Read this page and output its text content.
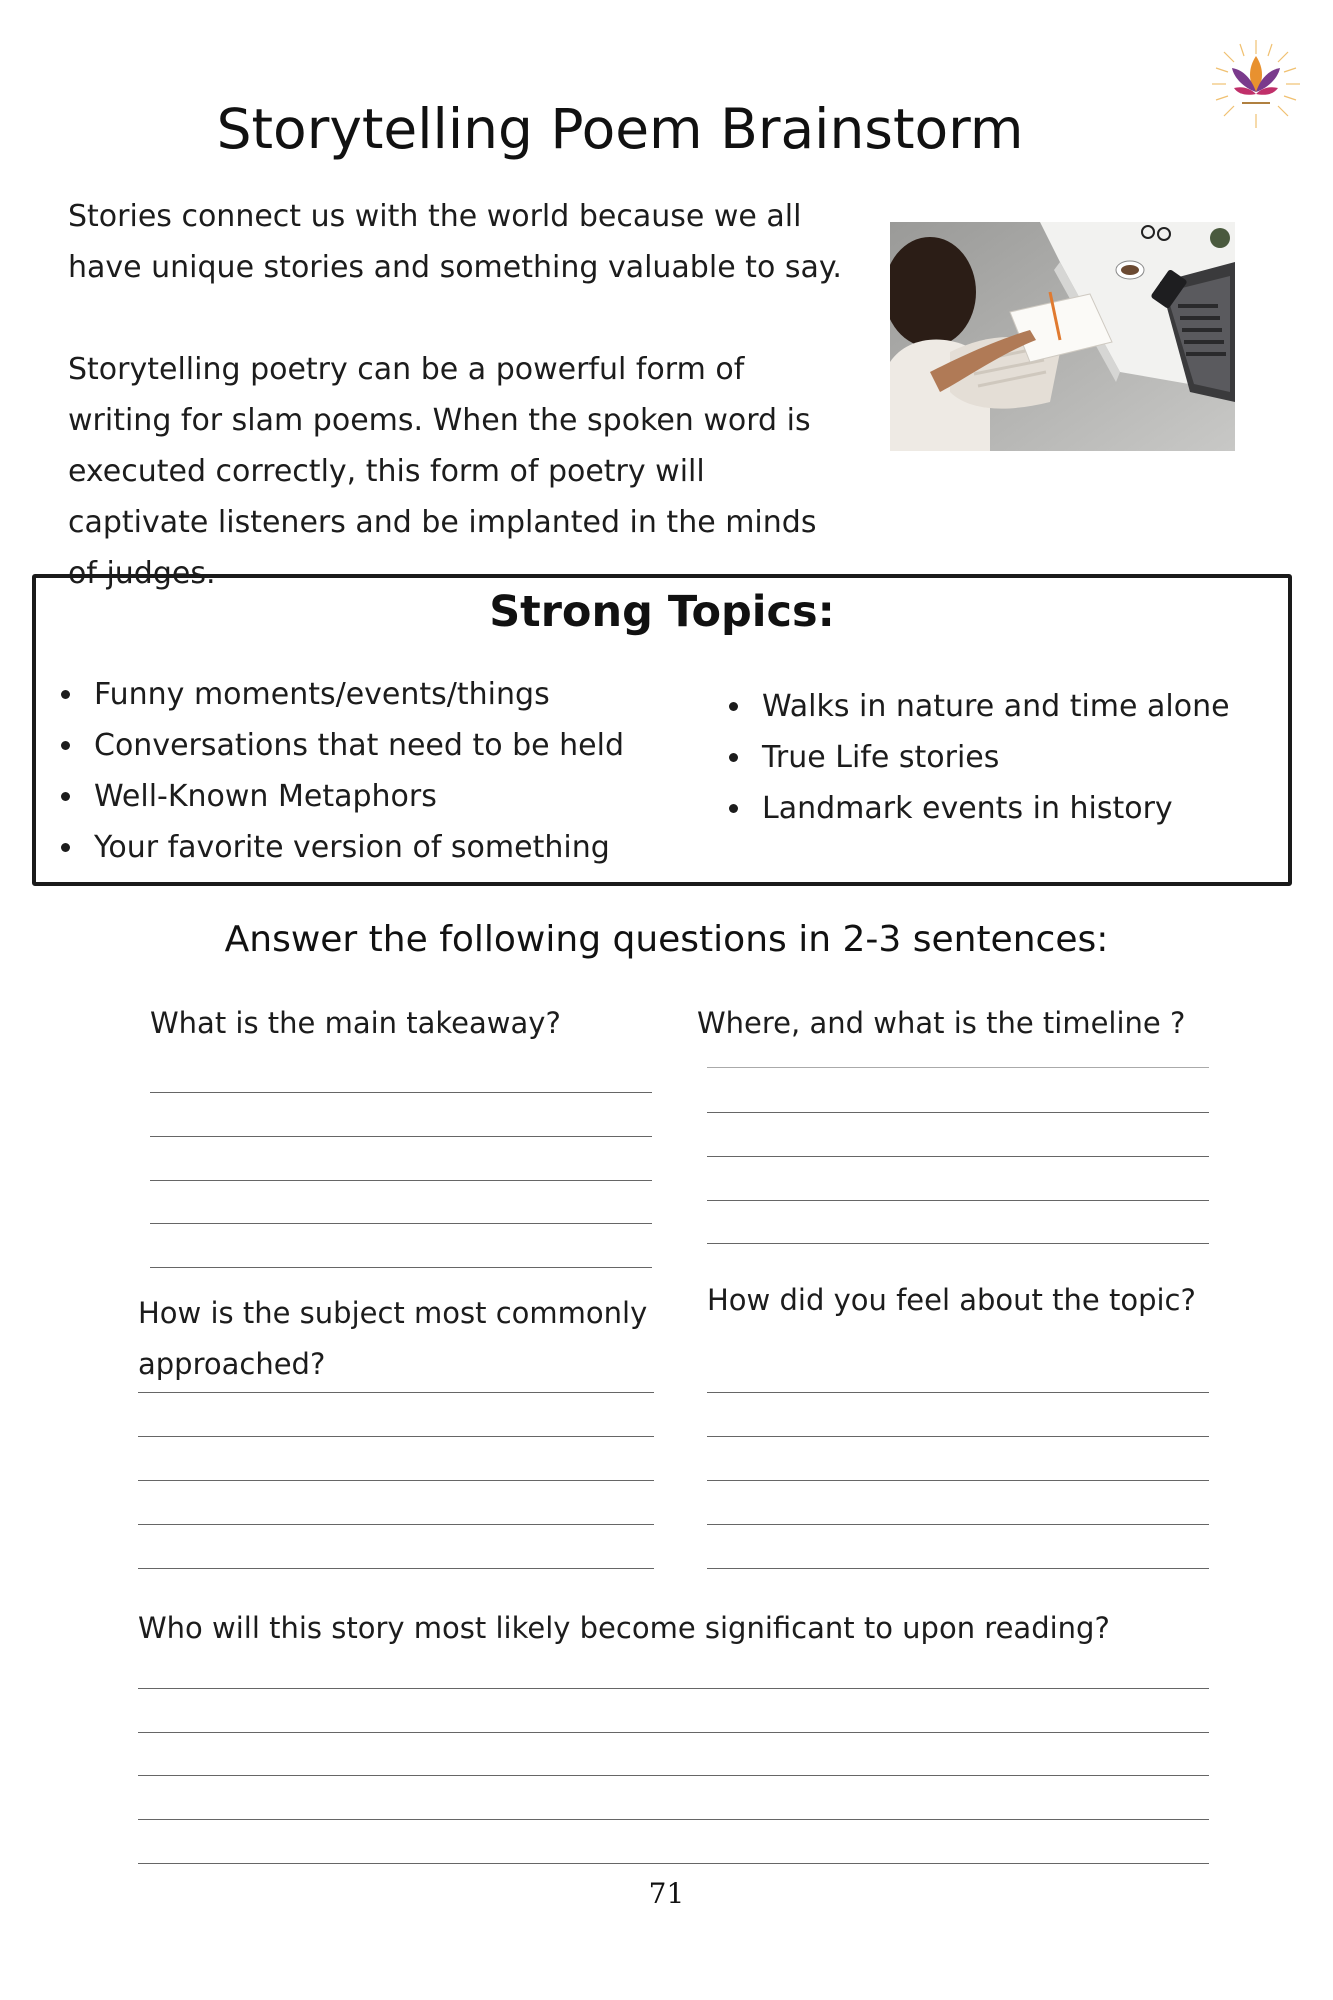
Storytelling Poem Brainstorm
Stories connect us with the world because we all
have unique stories and something valuable to say.
Storytelling poetry can be a powerful form of
writing for slam poems. When the spoken word is
executed correctly, this form of poetry will
captivate listeners and be implanted in the minds
of judges.
Strong Topics:
• Funny moments/events/things
• Conversations that need to be held
• Well-Known Metaphors
• Your favorite version of something
• Walks in nature and time alone
• True Life stories
• Landmark events in history
Answer the following questions in 2-3 sentences:
What is the main takeaway?	Where, and what is the timeline ?
How is the subject most commonly
approached?
How did you feel about the topic?
Who will this story most likely become significant to upon reading?
71
